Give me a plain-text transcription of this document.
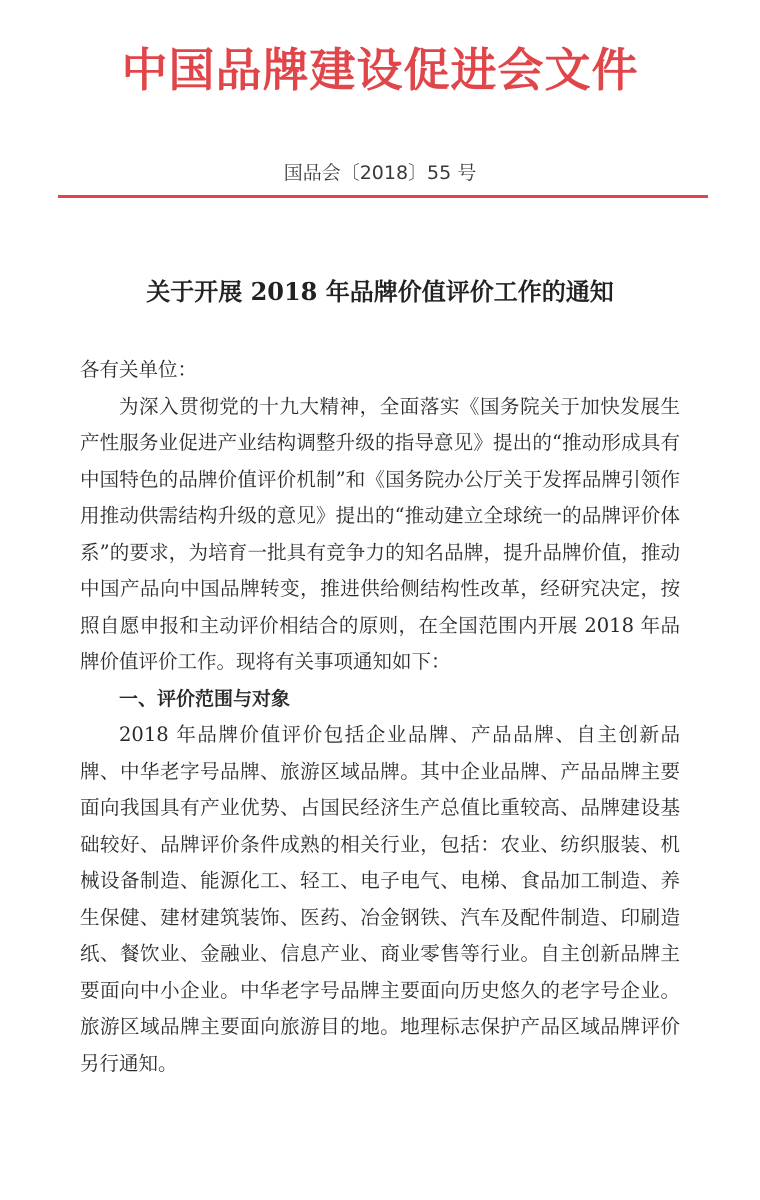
中国品牌建设促进会文件
国品会〔2018〕55 号
关于开展 2018 年品牌价值评价工作的通知

各有关单位：

为深入贯彻党的十九大精神，全面落实《国务院关于加快发展生产性服务业促进产业结构调整升级的指导意见》提出的“推动形成具有中国特色的品牌价值评价机制”和《国务院办公厅关于发挥品牌引领作用推动供需结构升级的意见》提出的“推动建立全球统一的品牌评价体系”的要求，为培育一批具有竞争力的知名品牌，提升品牌价值，推动中国产品向中国品牌转变，推进供给侧结构性改革，经研究决定，按照自愿申报和主动评价相结合的原则，在全国范围内开展 2018 年品牌价值评价工作。现将有关事项通知如下：

一、评价范围与对象

2018 年品牌价值评价包括企业品牌、产品品牌、自主创新品牌、中华老字号品牌、旅游区域品牌。其中企业品牌、产品品牌主要面向我国具有产业优势、占国民经济生产总值比重较高、品牌建设基础较好、品牌评价条件成熟的相关行业，包括：农业、纺织服装、机械设备制造、能源化工、轻工、电子电气、电梯、食品加工制造、养生保健、建材建筑装饰、医药、冶金钢铁、汽车及配件制造、印刷造纸、餐饮业、金融业、信息产业、商业零售等行业。自主创新品牌主要面向中小企业。中华老字号品牌主要面向历史悠久的老字号企业。旅游区域品牌主要面向旅游目的地。地理标志保护产品区域品牌评价另行通知。
